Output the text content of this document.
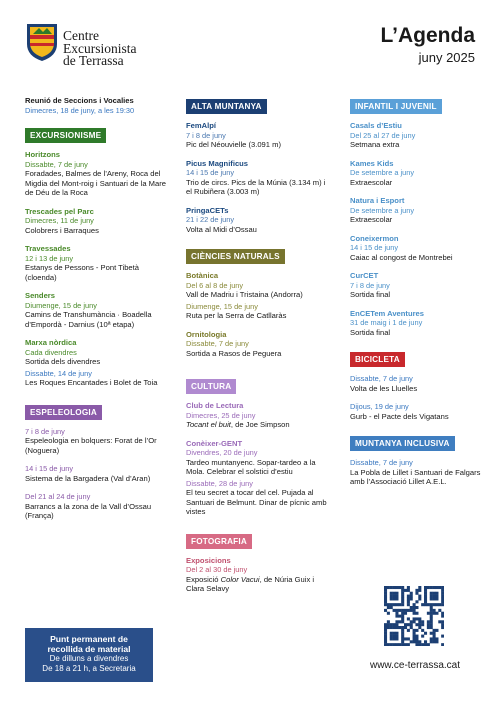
Centre
Excursionista
de Terrassa
L’Agenda
juny 2025
Reunió de Seccions i Vocalies
Dimecres, 18 de juny, a les 19:30
EXCURSIONISME
Horitzons
Dissabte, 7 de juny
Foradades, Balmes de l’Areny, Roca del Migdia del Mont-roig i Santuari de la Mare de Déu de la Roca
Trescades pel Parc
Dimecres, 11 de juny
Colobrers i Barraques
Travessades
12 i 13 de juny
Estanys de Pessons - Pont Tibetà (cloenda)
Senders
Diumenge, 15 de juny
Camins de Transhumància · Boadella d’Empordà - Darnius (10ª etapa)
Marxa nòrdica
Cada divendres
Sortida dels divendres
Dissabte, 14 de juny
Les Roques Encantades i Bolet de Toia
ESPELEOLOGIA
7 i 8 de juny
Espeleologia en bolquers: Forat de l’Or (Noguera)
14 i 15 de juny
Sistema de la Bargadera (Val d’Aran)
Del 21 al 24 de juny
Barrancs a la zona de la Vall d’Ossau (França)
Punt permanent de
recollida de material
De dilluns a divendres
De 18 a 21 h, a Secretaria
ALTA MUNTANYA
FemAlpí
7 i 8 de juny
Pic del Néouvielle (3.091 m)
Picus Magnificus
14 i 15 de juny
Trio de circs. Pics de la Múnia (3.134 m) i el Rubiñera (3.003 m)
PringaCETs
21 i 22 de juny
Volta al Midi d’Ossau
CIÈNCIES NATURALS
Botànica
Del 6 al 8 de juny
Vall de Madriu i Tristaina (Andorra)
Diumenge, 15 de juny
Ruta per la Serra de Catllaràs
Ornitologia
Dissabte, 7 de juny
Sortida a Rasos de Peguera
CULTURA
Club de Lectura
Dimecres, 25 de juny
Tocant el buit, de Joe Simpson
Conèixer-GENT
Divendres, 20 de juny
Tardeo muntanyenc. Sopar-tardeo a la Mola. Celebrar el solstici d’estiu
Dissabte, 28 de juny
El teu secret a tocar del cel. Pujada al Santuari de Belmunt. Dinar de pícnic amb vistes
FOTOGRAFIA
Exposicions
Del 2 al 30 de juny
Exposició Color Vacui, de Núria Guix i Clara Selavy
INFANTIL I JUVENIL
Casals d’Estiu
Del 25 al 27 de juny
Setmana extra
Kames Kids
De setembre a juny
Extraescolar
Natura i Esport
De setembre a juny
Extraescolar
Coneixermon
14 i 15 de juny
Caiac al congost de Montrebei
CurCET
7 i 8 de juny
Sortida final
EnCETem Aventures
31 de maig i 1 de juny
Sortida final
BICICLETA
Dissabte, 7 de juny
Volta de les Lluelles
Dijous, 19 de juny
Gurb - el Pacte dels Vigatans
MUNTANYA INCLUSIVA
Dissabte, 7 de juny
La Pobla de Lillet i Santuari de Falgars amb l’Associació Lillet A.E.L.
www.ce-terrassa.cat
